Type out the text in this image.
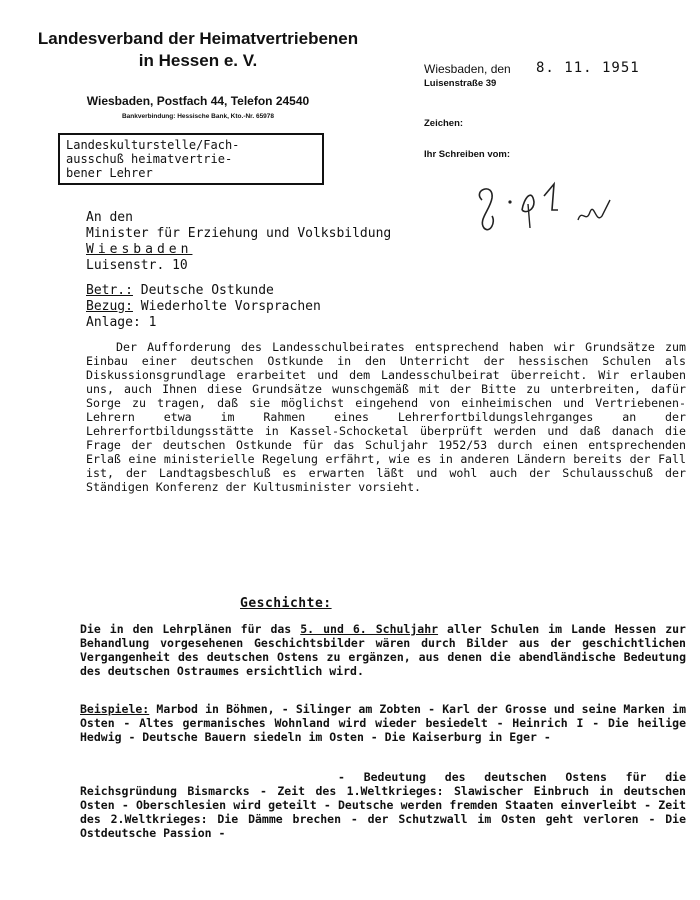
Landesverband der Heimatvertriebenen
in Hessen e. V.
Wiesbaden, Postfach 44, Telefon 24540
Bankverbindung: Hessische Bank, Kto.-Nr. 65978
Wiesbaden, den 8. 11. 1951
Luisenstraße 39
Zeichen:
Ihr Schreiben vom:
Landeskulturstelle/Fach-
ausschuß heimatvertrie-
bener Lehrer
An den
Minister für Erziehung und Volksbildung
Wiesbaden
Luisenstr. 10
Betr.: Deutsche Ostkunde
Bezug: Wiederholte Vorsprachen
Anlage: 1

Der Aufforderung des Landesschulbeirates entsprechend haben wir Grundsätze zum Einbau einer deutschen Ostkunde in den Unterricht der hessischen Schulen als Diskussionsgrundlage erarbeitet und dem Landesschulbeirat überreicht. Wir erlauben uns, auch Ihnen diese Grundsätze wunschgemäß mit der Bitte zu unterbreiten, dafür Sorge zu tragen, daß sie möglichst eingehend von einheimischen und Vertriebenen-Lehrern etwa im Rahmen eines Lehrerfortbildungslehrganges an der Lehrerfortbildungsstätte in Kassel-Schocketal überprüft werden und daß danach die Frage der deutschen Ostkunde für das Schuljahr 1952/53 durch einen entsprechenden Erlaß eine ministerielle Regelung erfährt, wie es in anderen Ländern bereits der Fall ist, der Landtagsbeschluß es erwarten läßt und wohl auch der Schulausschuß der Ständigen Konferenz der Kultusminister vorsieht.

Geschichte:

Die in den Lehrplänen für das 5. und 6. Schuljahr aller Schulen im Lande Hessen zur Behandlung vorgesehenen Geschichtsbilder wären durch Bilder aus der geschichtlichen Vergangenheit des deutschen Ostens zu ergänzen, aus denen die abendländische Bedeutung des deutschen Ostraumes ersichtlich wird.

Beispiele: Marbod in Böhmen, - Silinger am Zobten - Karl der Grosse und seine Marken im Osten - Altes germanisches Wohnland wird wieder besiedelt - Heinrich I - Die heilige Hedwig - Deutsche Bauern siedeln im Osten - Die Kaiserburg in Eger -

- Bedeutung des deutschen Ostens für die Reichsgründung Bismarcks - Zeit des 1.Weltkrieges: Slawischer Einbruch in deutschen Osten - Oberschlesien wird geteilt - Deutsche werden fremden Staaten einverleibt - Zeit des 2.Weltkrieges: Die Dämme brechen - der Schutzwall im Osten geht verloren - Die Ostdeutsche Passion -
